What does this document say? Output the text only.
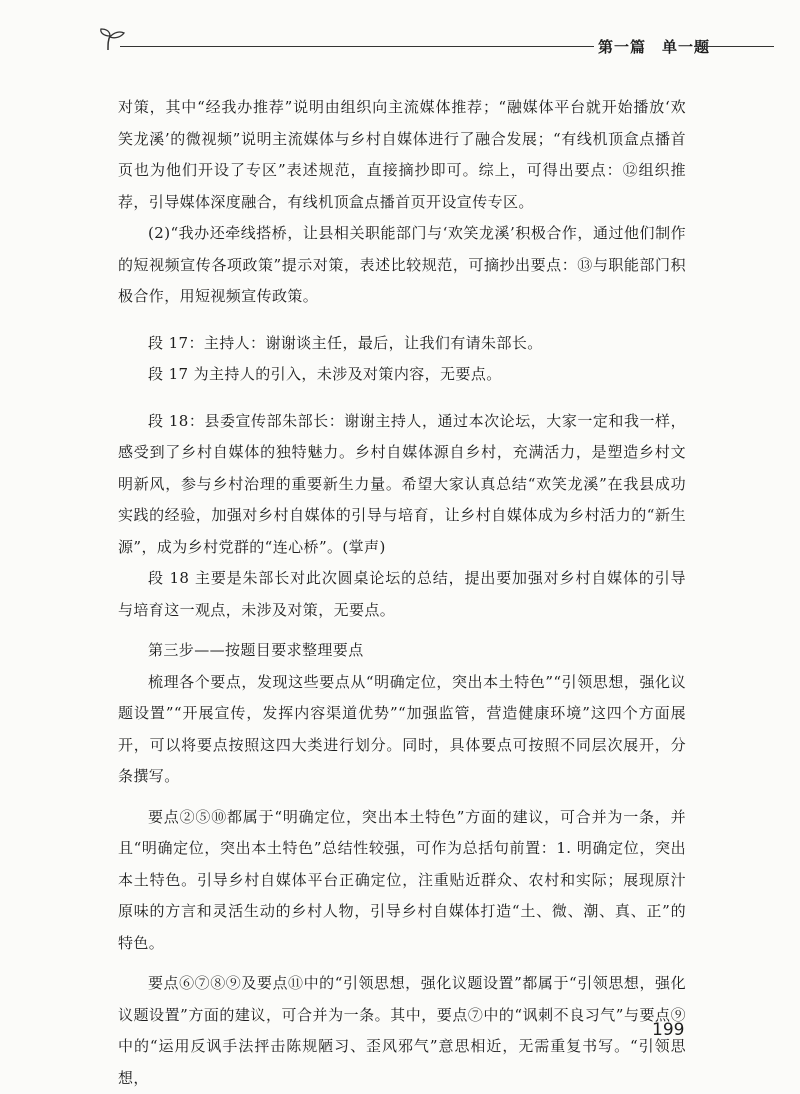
第一篇　单一题

对策，其中“经我办推荐”说明由组织向主流媒体推荐；“融媒体平台就开始播放‘欢笑龙溪’的微视频”说明主流媒体与乡村自媒体进行了融合发展；“有线机顶盒点播首页也为他们开设了专区”表述规范，直接摘抄即可。综上，可得出要点：⑫组织推荐，引导媒体深度融合，有线机顶盒点播首页开设宣传专区。

(2)“我办还牵线搭桥，让县相关职能部门与‘欢笑龙溪’积极合作，通过他们制作的短视频宣传各项政策”提示对策，表述比较规范，可摘抄出要点：⑬与职能部门积极合作，用短视频宣传政策。

段 17：主持人：谢谢谈主任，最后，让我们有请朱部长。

段 17 为主持人的引入，未涉及对策内容，无要点。

段 18：县委宣传部朱部长：谢谢主持人，通过本次论坛，大家一定和我一样，感受到了乡村自媒体的独特魅力。乡村自媒体源自乡村，充满活力，是塑造乡村文明新风，参与乡村治理的重要新生力量。希望大家认真总结“欢笑龙溪”在我县成功实践的经验，加强对乡村自媒体的引导与培育，让乡村自媒体成为乡村活力的“新生源”，成为乡村党群的“连心桥”。(掌声)

段 18 主要是朱部长对此次圆桌论坛的总结，提出要加强对乡村自媒体的引导与培育这一观点，未涉及对策，无要点。

第三步——按题目要求整理要点

梳理各个要点，发现这些要点从“明确定位，突出本土特色”“引领思想，强化议题设置”“开展宣传，发挥内容渠道优势”“加强监管，营造健康环境”这四个方面展开，可以将要点按照这四大类进行划分。同时，具体要点可按照不同层次展开，分条撰写。

要点②⑤⑩都属于“明确定位，突出本土特色”方面的建议，可合并为一条，并且“明确定位，突出本土特色”总结性较强，可作为总括句前置：1. 明确定位，突出本土特色。引导乡村自媒体平台正确定位，注重贴近群众、农村和实际；展现原汁原味的方言和灵活生动的乡村人物，引导乡村自媒体打造“土、微、潮、真、正”的特色。

要点⑥⑦⑧⑨及要点⑪中的“引领思想，强化议题设置”都属于“引领思想，强化议题设置”方面的建议，可合并为一条。其中，要点⑦中的“讽刺不良习气”与要点⑨中的“运用反讽手法抨击陈规陋习、歪风邪气”意思相近，无需重复书写。“引领思想，

199
